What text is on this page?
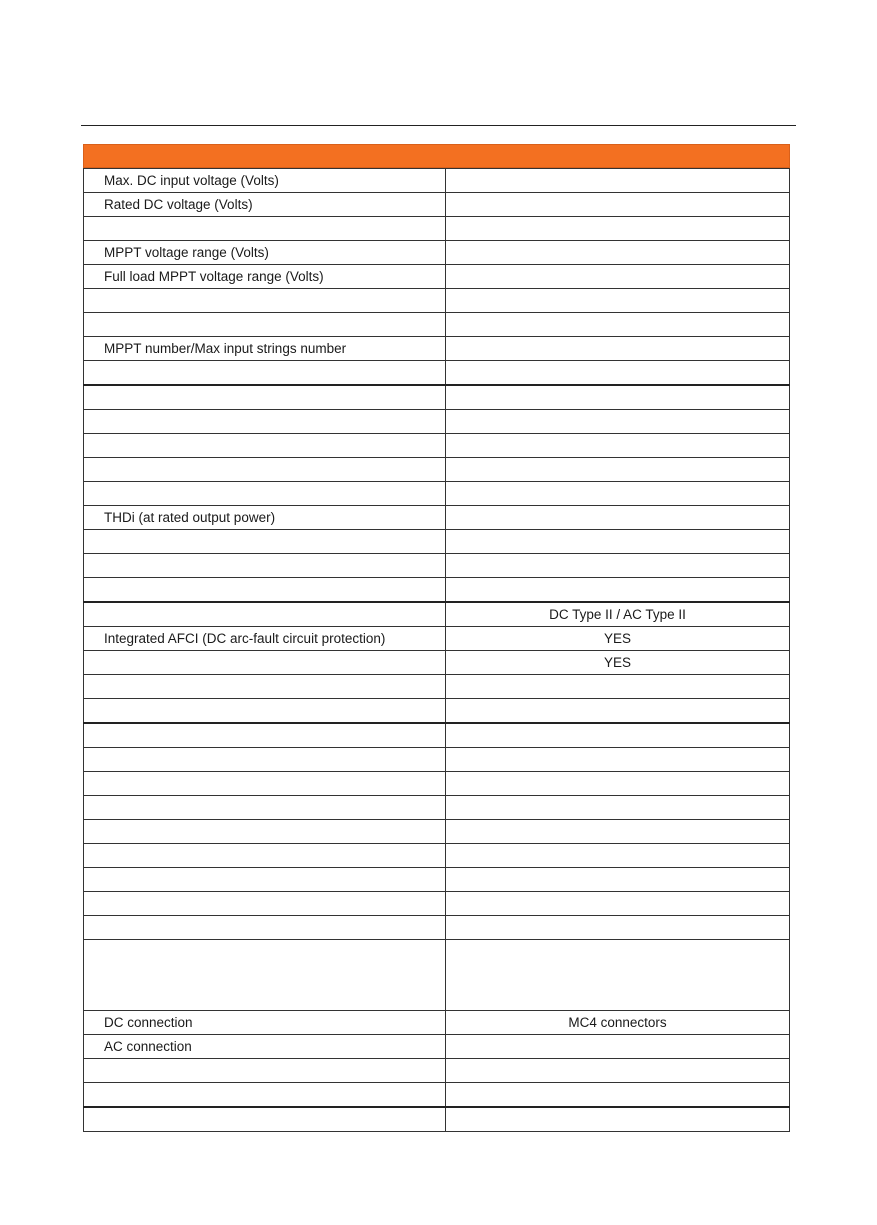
Max. DC input voltage (Volts)	
Rated DC voltage (Volts)	

MPPT voltage range (Volts)	
Full load MPPT voltage range (Volts)	

MPPT number/Max input strings number	

THDi (at rated output power)	

	DC Type II / AC Type II
Integrated AFCI (DC arc-fault circuit protection)	YES
	YES

DC connection	MC4 connectors
AC connection	
